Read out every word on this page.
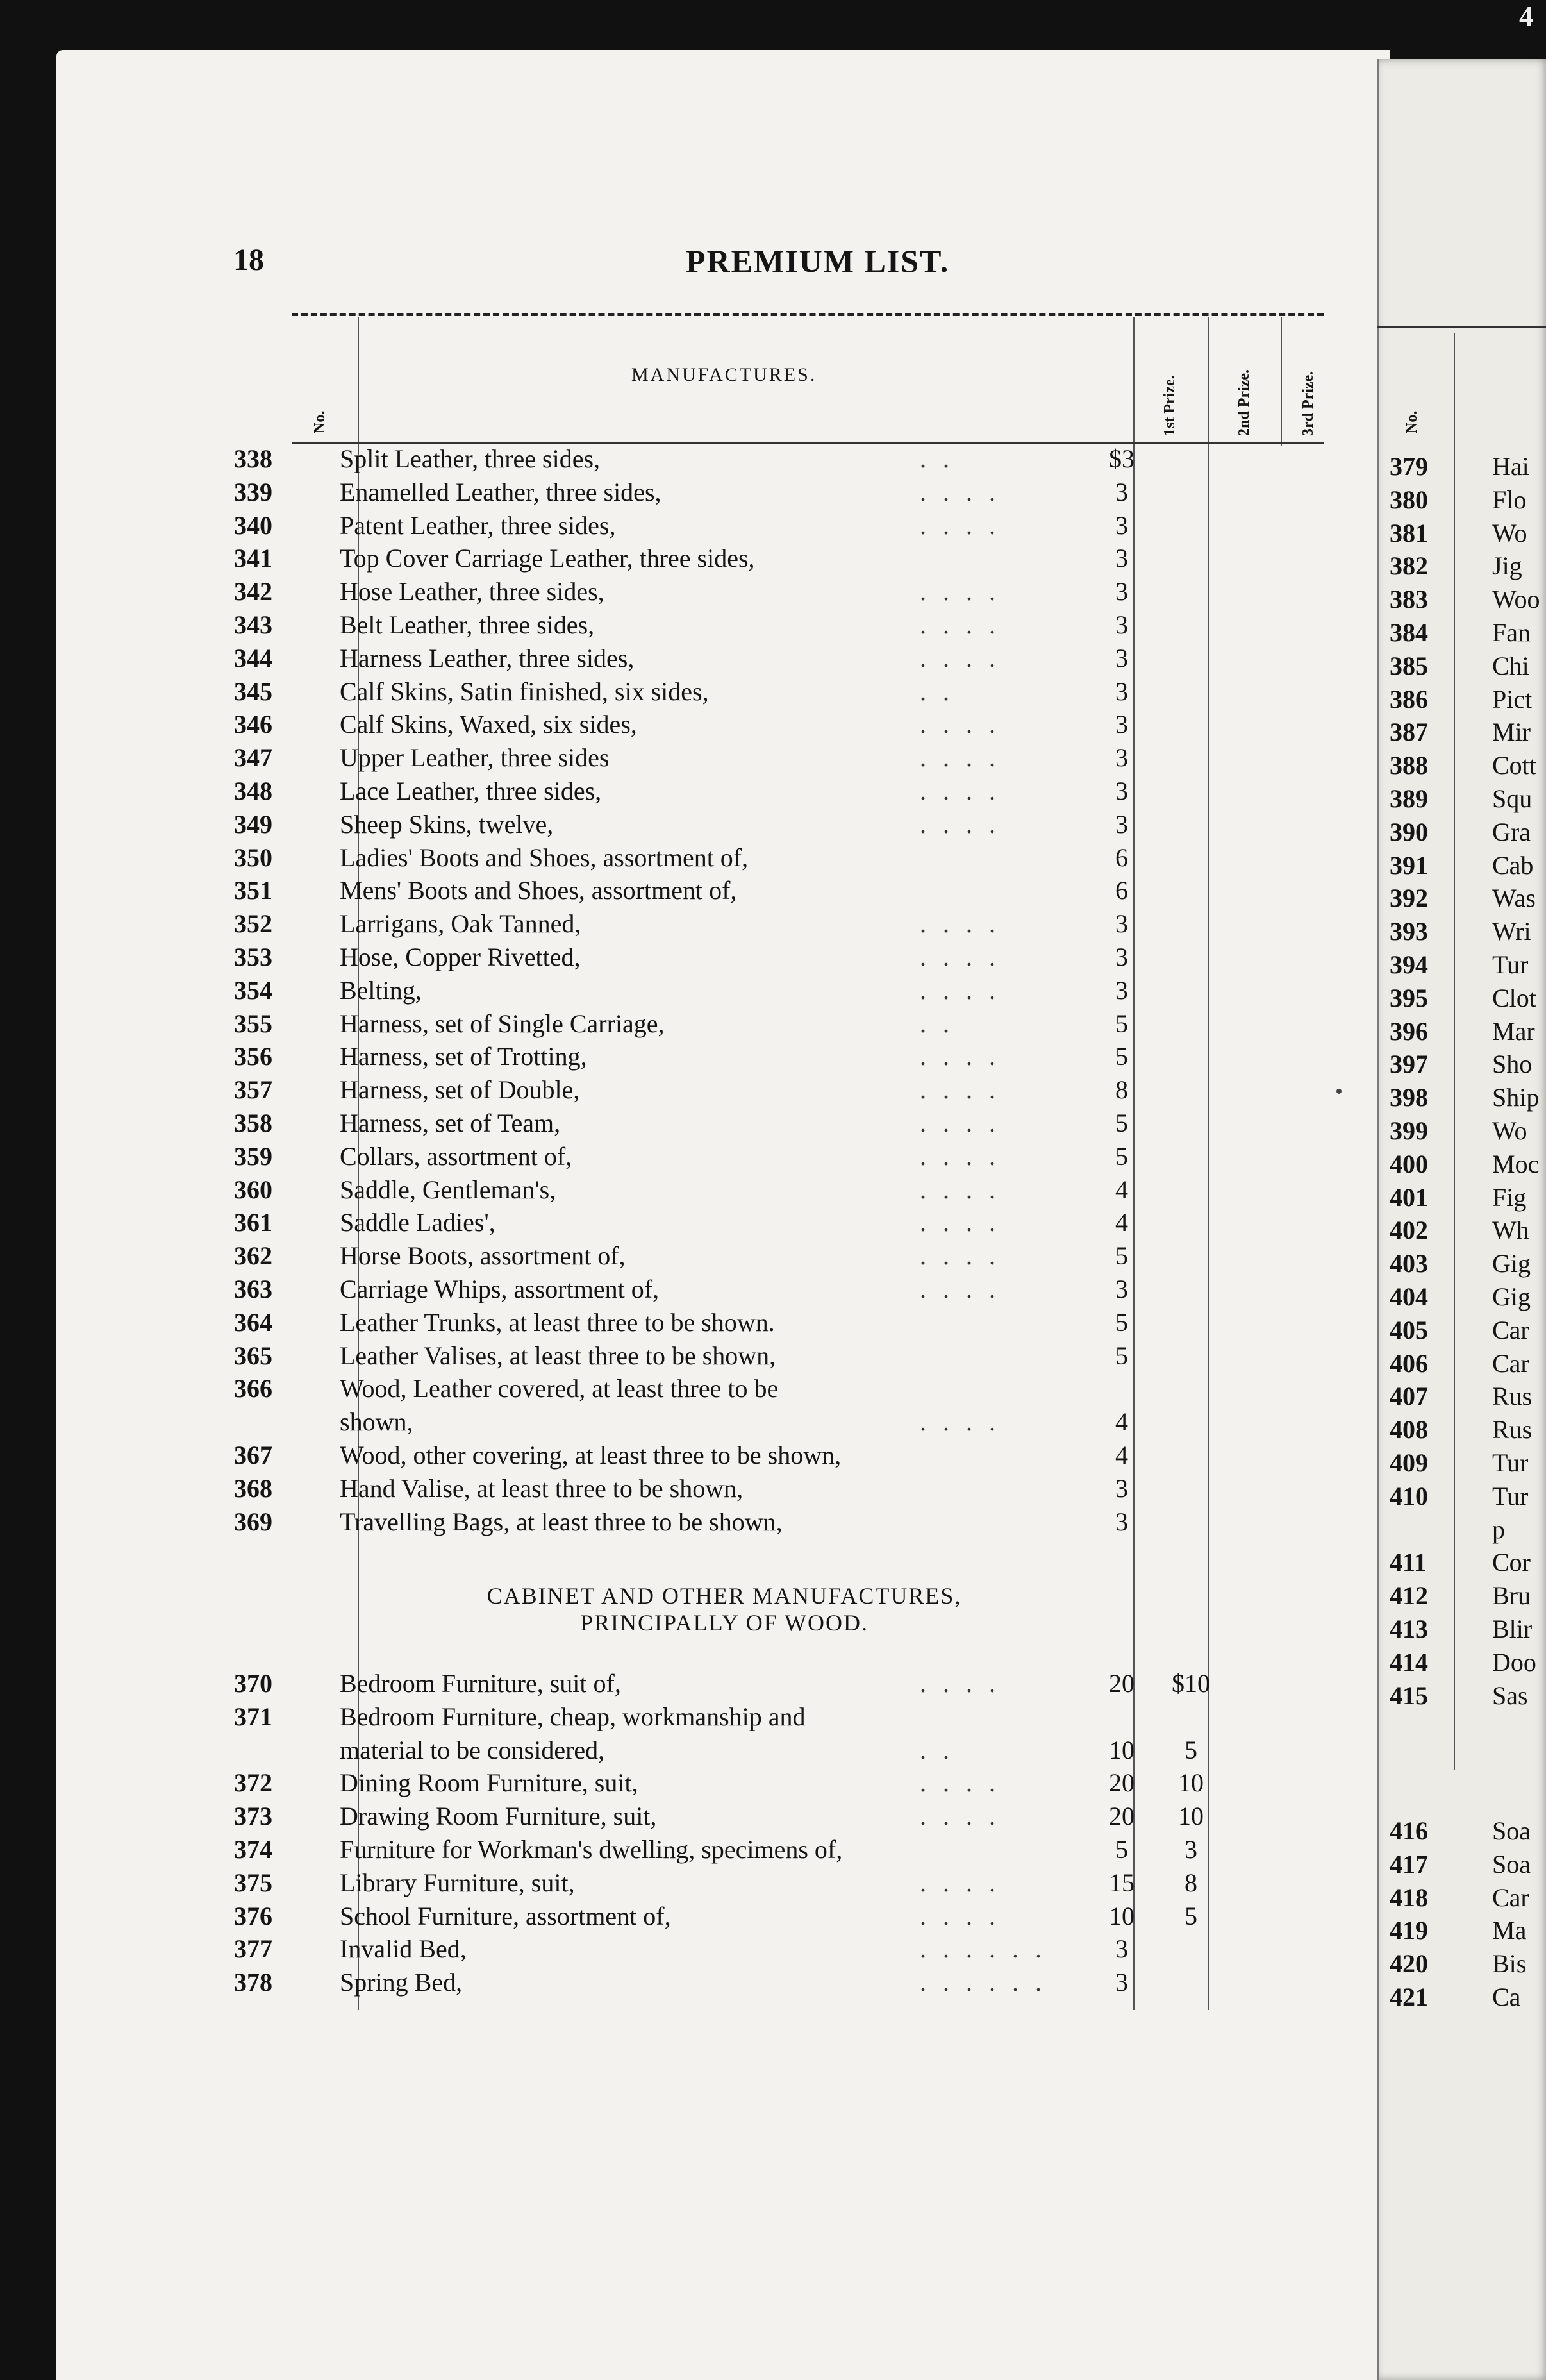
4
18	PREMIUM LIST.
MANUFACTURES.
No.	1st Prize.	2nd Prize.	3rd Prize.	No.
338	Split Leather, three sides,	. .	$3
339	Enamelled Leather, three sides,	. . . .	3
340	Patent Leather, three sides,	. . . .	3
341	Top Cover Carriage Leather, three sides,	3
342	Hose Leather, three sides,	. . . .	3
343	Belt Leather, three sides,	. . . .	3
344	Harness Leather, three sides,	. . . .	3
345	Calf Skins, Satin finished, six sides,	. .	3
346	Calf Skins, Waxed, six sides,	. . . .	3
347	Upper Leather, three sides	. . . .	3
348	Lace Leather, three sides,	. . . .	3
349	Sheep Skins, twelve,	. . . .	3
350	Ladies' Boots and Shoes, assortment of,	6
351	Mens' Boots and Shoes, assortment of,	6
352	Larrigans, Oak Tanned,	. . . .	3
353	Hose, Copper Rivetted,	. . . .	3
354	Belting,	. . . .	3
355	Harness, set of Single Carriage,	. .	5
356	Harness, set of Trotting,	. . . .	5
357	Harness, set of Double,	. . . .	8
358	Harness, set of Team,	. . . .	5
359	Collars, assortment of,	. . . .	5
360	Saddle, Gentleman's,	. . . .	4
361	Saddle Ladies',	. . . .	4
362	Horse Boots, assortment of,	. . . .	5
363	Carriage Whips, assortment of,	. . . .	3
364	Leather Trunks, at least three to be shown.	5
365	Leather Valises, at least three to be shown,	5
366	Wood, Leather covered, at least three to be
shown,	. . . .	4
367	Wood, other covering, at least three to be shown,	4
368	Hand Valise, at least three to be shown,	3
369	Travelling Bags, at least three to be shown,	3
CABINET AND OTHER MANUFACTURES,
PRINCIPALLY OF WOOD.
370	Bedroom Furniture, suit of,	. . . .	20	$10
371	Bedroom Furniture, cheap, workmanship and
material to be considered,	. .	10	5
372	Dining Room Furniture, suit,	. . . .	20	10
373	Drawing Room Furniture, suit,	. . . .	20	10
374	Furniture for Workman's dwelling, specimens of,	5	3
375	Library Furniture, suit,	. . . .	15	8
376	School Furniture, assortment of,	. . . .	10	5
377	Invalid Bed,	. . . . . .	3
378	Spring Bed,	. . . . . .	3
379	Hai
380	Flo
381	Wo
382	Jig
383	Woo
384	Fan
385	Chi
386	Pict
387	Mir
388	Cott
389	Squ
390	Gra
391	Cab
392	Was
393	Wri
394	Tur
395	Clot
396	Mar
397	Sho
398	Ship
399	Wo
400	Moc
401	Fig
402	Wh
403	Gig
404	Gig
405	Car
406	Car
407	Rus
408	Rus
409	Tur
410	Tur
p
411	Cor
412	Bru
413	Blir
414	Doo
415	Sas
416	Soa
417	Soa
418	Car
419	Ma
420	Bis
421	Ca
